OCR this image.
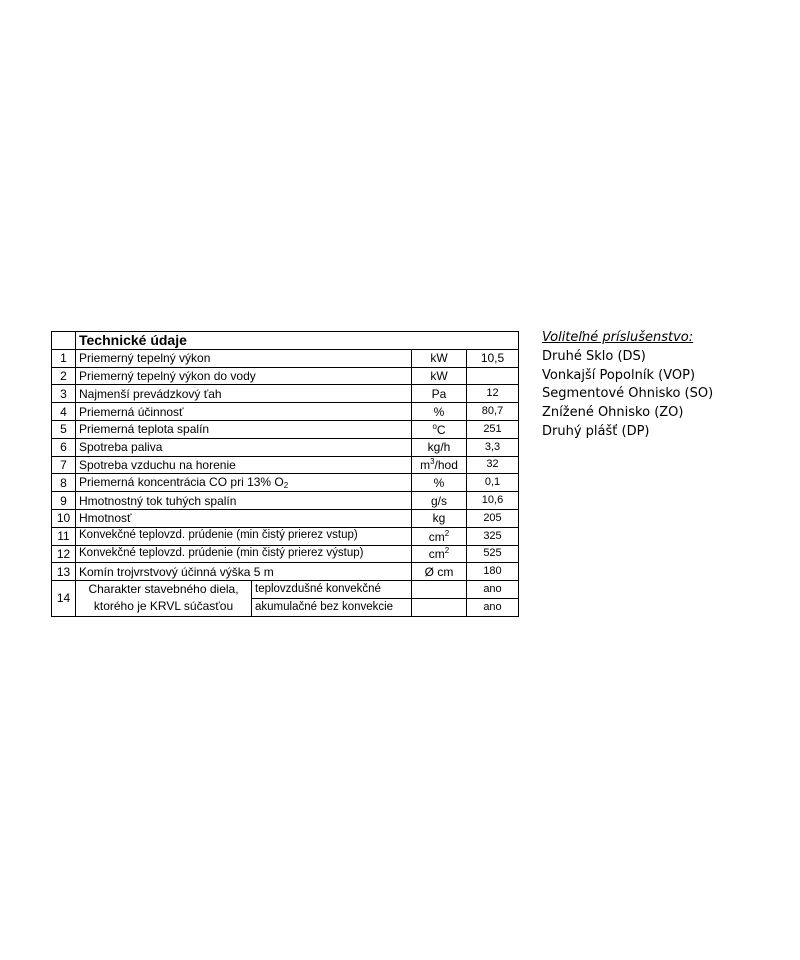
	Technické údaje			
1	Priemerný tepelný výkon		kW	10,5
2	Priemerný tepelný výkon do vody		kW	
3	Najmenší prevádzkový ťah		Pa	12
4	Priemerná účinnosť		%	80,7
5	Priemerná teplota spalín		$^o$C	251
6	Spotreba paliva		kg/h	3,3
7	Spotreba vzduchu na horenie		$m^3$/hod	32
8	Priemerná koncentrácia CO pri 13% $O_2$		%	0,1
9	Hmotnostný tok tuhých spalín		g/s	10,6
10	Hmotnosť		kg	205
11	Konvekčné teplovzd. prúdenie (min čistý prierez vstup)		$cm^2$	325
12	Konvekčné teplovzd. prúdenie (min čistý prierez výstup)		$cm^2$	525
13	Komín trojvrstvový účinná výška 5 m		Ø cm	180
14	Charakter stavebného diela,
ktorého je KRVL súčasťou	teplovzdušné konvekčné		ano
		akumulačné bez konvekcie		ano
Voliteľné príslušenstvo:
Druhé Sklo (DS)
Vonkajší Popolník (VOP)
Segmentové Ohnisko (SO)
Znížené Ohnisko (ZO)
Druhý plášť (DP)
